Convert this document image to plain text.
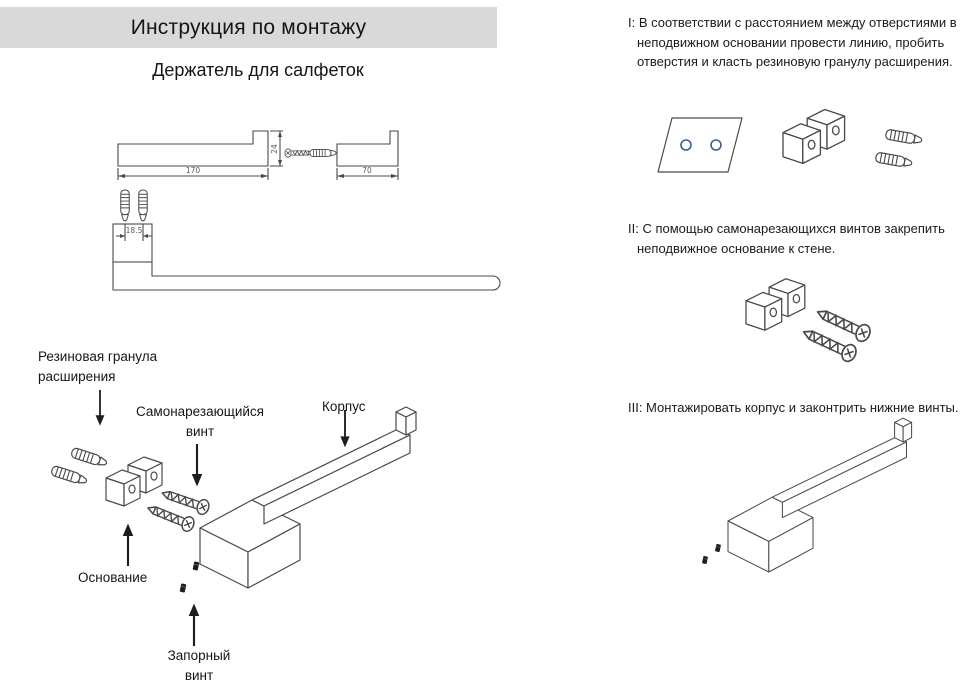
170
24
70
18.5
Инструкция по монтажу
Держатель для салфеток
Резиновая гранула расширения
Самонарезающийся винт
Корпус
Основание
Запорный винт
I: В соответствии с расстоянием между отверстиями в неподвижном основании провести линию, пробить отверстия и класть резиновую гранулу расширения.
II: С помощью самонарезающихся винтов закрепить неподвижное основание к стене.
III: Монтажировать корпус и законтрить нижние винты.
